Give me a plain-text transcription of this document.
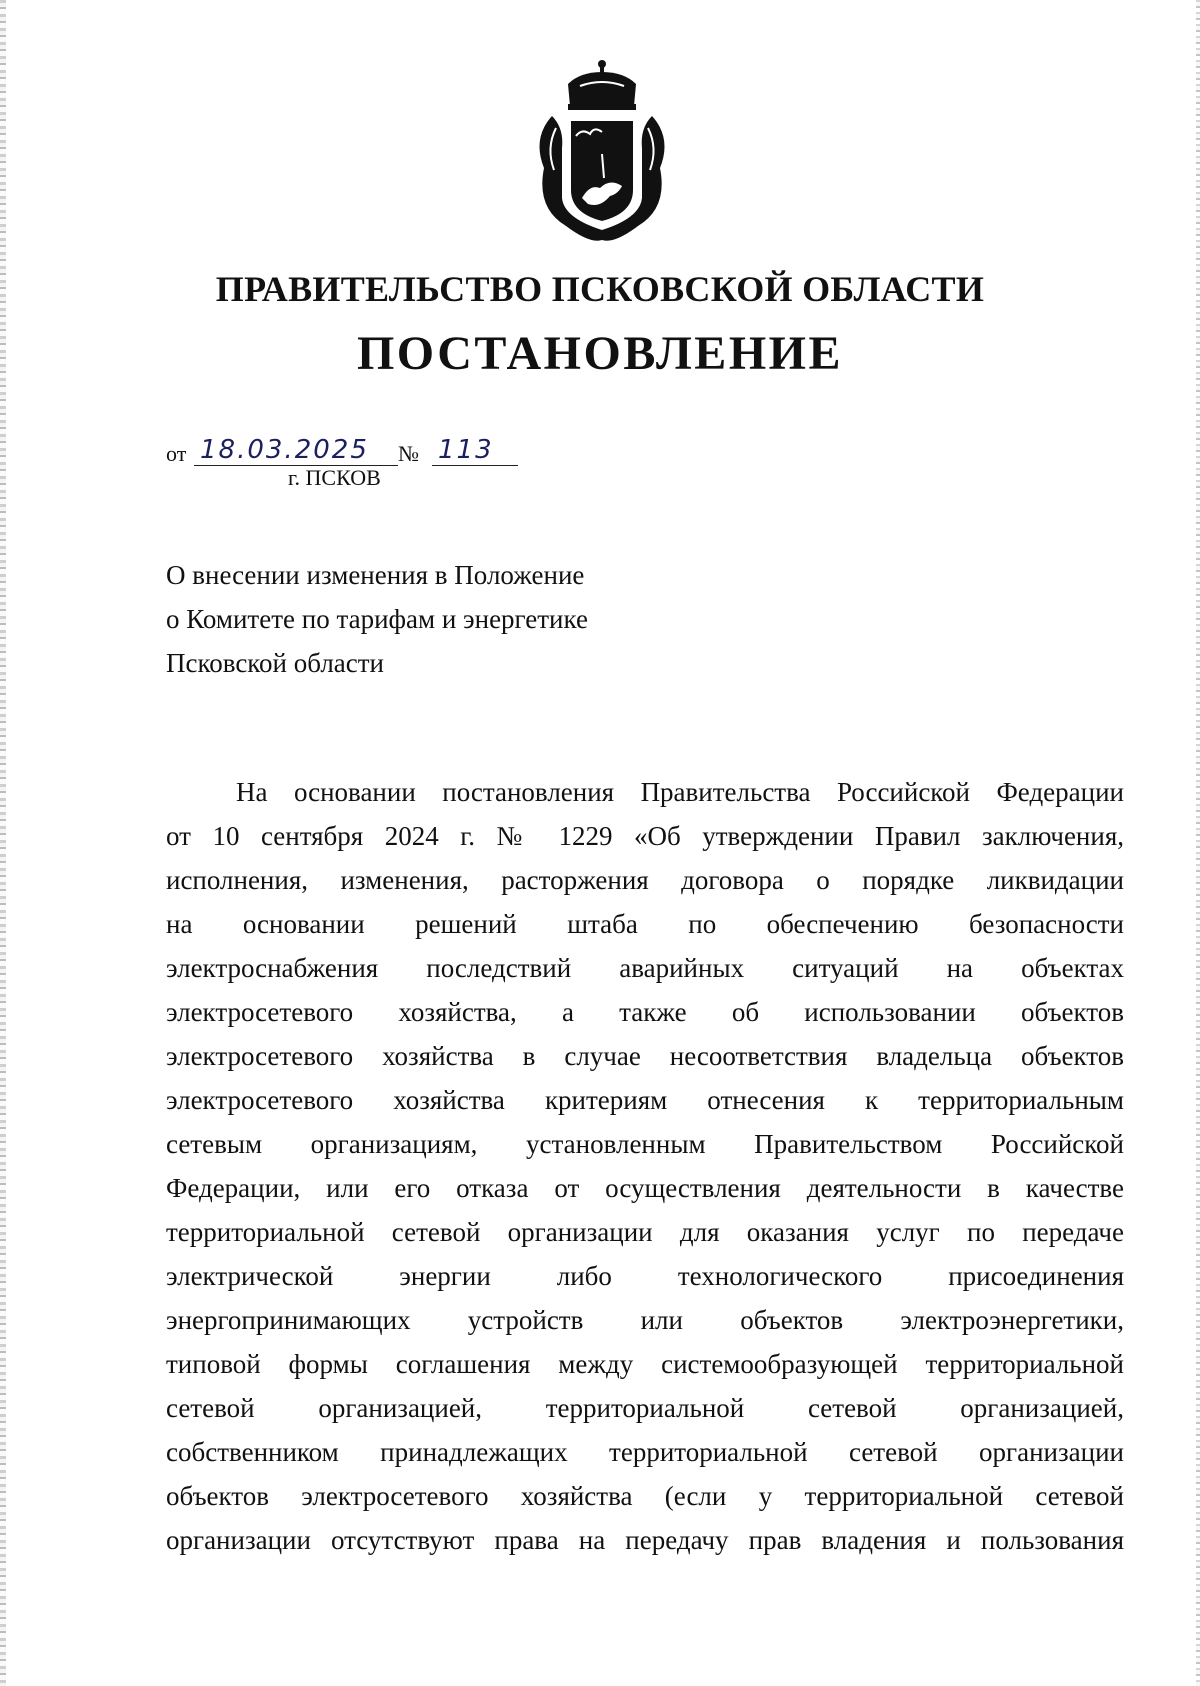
ПРАВИТЕЛЬСТВО ПСКОВСКОЙ ОБЛАСТИ
ПОСТАНОВЛЕНИЕ
от 18.03.2025	№ 113
г. ПСКОВ
О внесении изменения в Положение
о Комитете по тарифам и энергетике
Псковской области
На основании постановления Правительства Российской Федерации
от 10 сентября 2024 г. № 1229 «Об утверждении Правил заключения,
исполнения, изменения, расторжения договора о порядке ликвидации
на основании решений штаба по обеспечению безопасности
электроснабжения последствий аварийных ситуаций на объектах
электросетевого хозяйства, а также об использовании объектов
электросетевого хозяйства в случае несоответствия владельца объектов
электросетевого хозяйства критериям отнесения к территориальным
сетевым организациям, установленным Правительством Российской
Федерации, или его отказа от осуществления деятельности в качестве
территориальной сетевой организации для оказания услуг по передаче
электрической энергии либо технологического присоединения
энергопринимающих устройств или объектов электроэнергетики,
типовой формы соглашения между системообразующей территориальной
сетевой организацией, территориальной сетевой организацией,
собственником принадлежащих территориальной сетевой организации
объектов электросетевого хозяйства (если у территориальной сетевой
организации отсутствуют права на передачу прав владения и пользования
